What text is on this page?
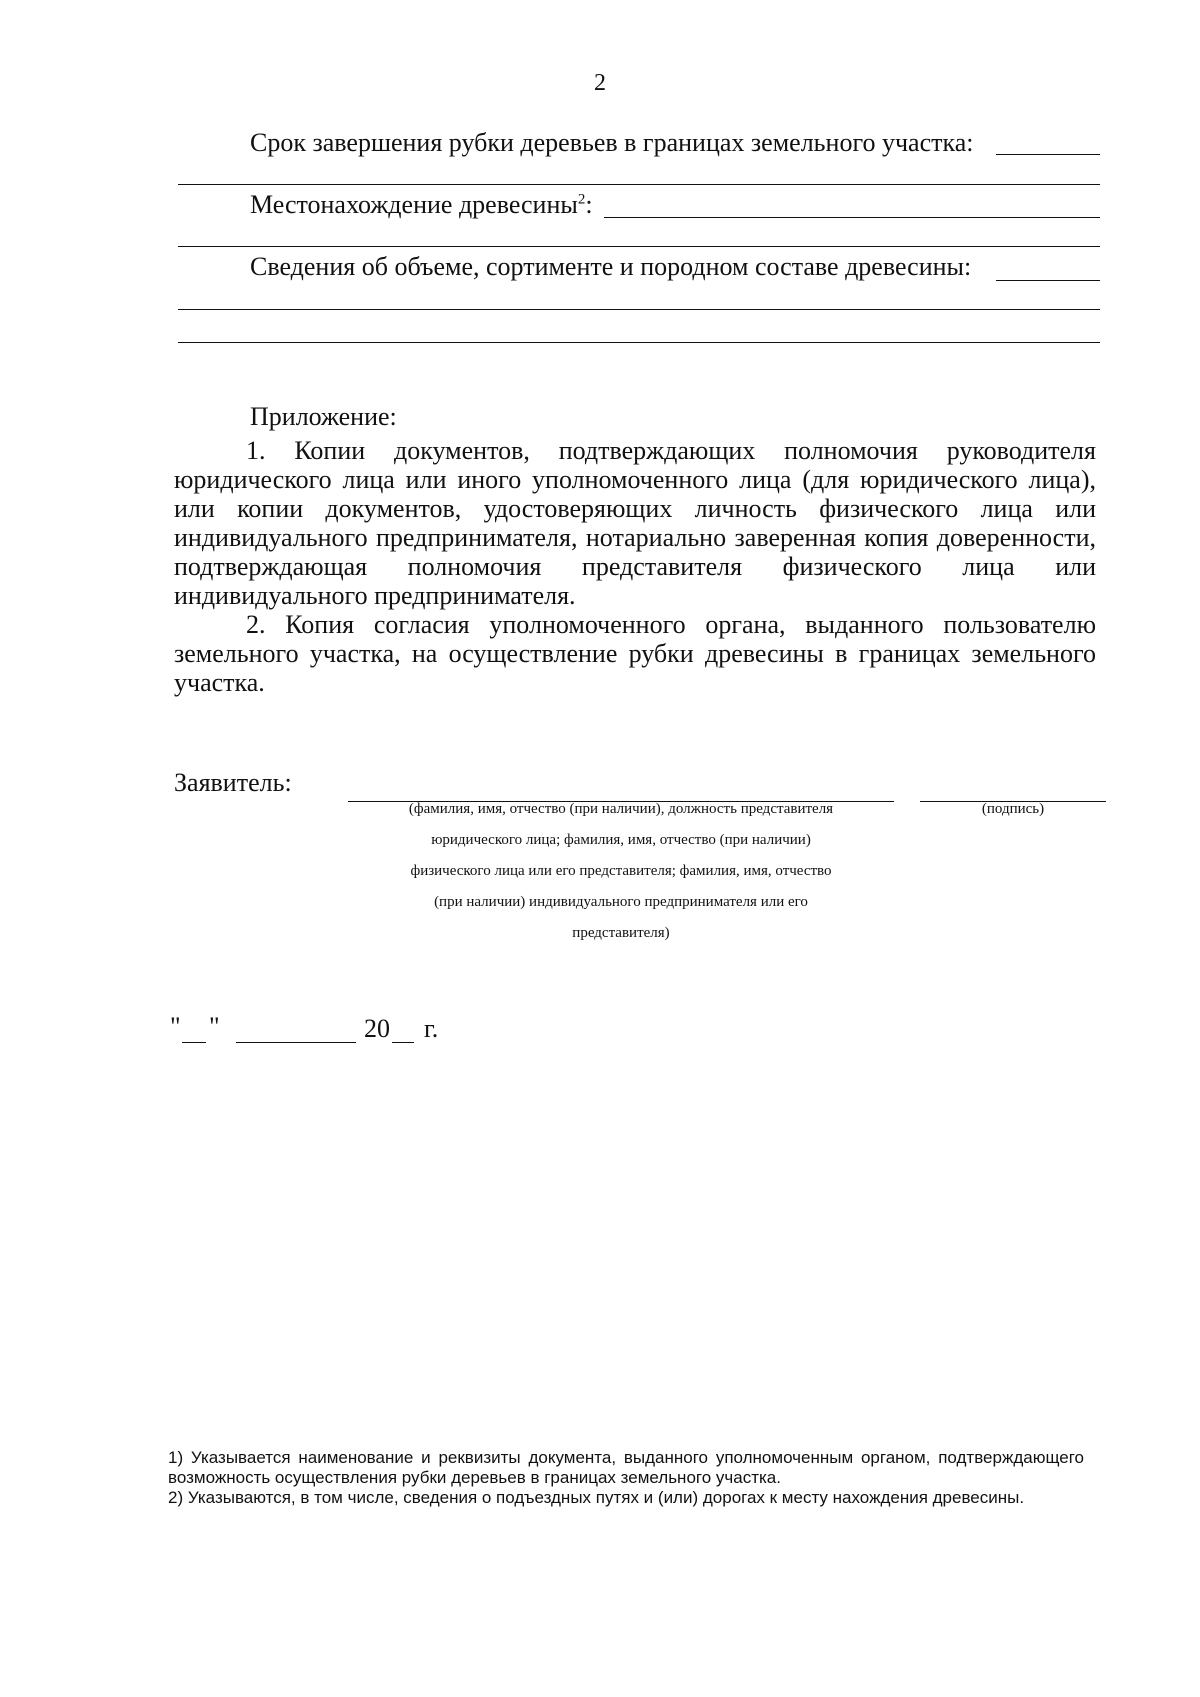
2
Срок завершения рубки деревьев в границах земельного участка:
Местонахождение древесины$^2$:
Сведения об объеме, сортименте и породном составе древесины:
Приложение:

1. Копии документов, подтверждающих полномочия руководителя юридического лица или иного уполномоченного лица (для юридического лица), или копии документов, удостоверяющих личность физического лица или индивидуального предпринимателя, нотариально заверенная копия доверенности, подтверждающая полномочия представителя физического лица или индивидуального предпринимателя.

2. Копия согласия уполномоченного органа, выданного пользователю земельного участка, на осуществление рубки древесины в границах земельного участка.

Заявитель:
(фамилия, имя, отчество (при наличии), должность представителя
юридического лица; фамилия, имя, отчество (при наличии)
физического лица или его представителя; фамилия, имя, отчество
(при наличии) индивидуального предпринимателя или его
представителя)
(подпись)
" "	20 г.

1) Указывается наименование и реквизиты документа, выданного уполномоченным органом, подтверждающего возможность осуществления рубки деревьев в границах земельного участка.

2) Указываются, в том числе, сведения о подъездных путях и (или) дорогах к месту нахождения древесины.
